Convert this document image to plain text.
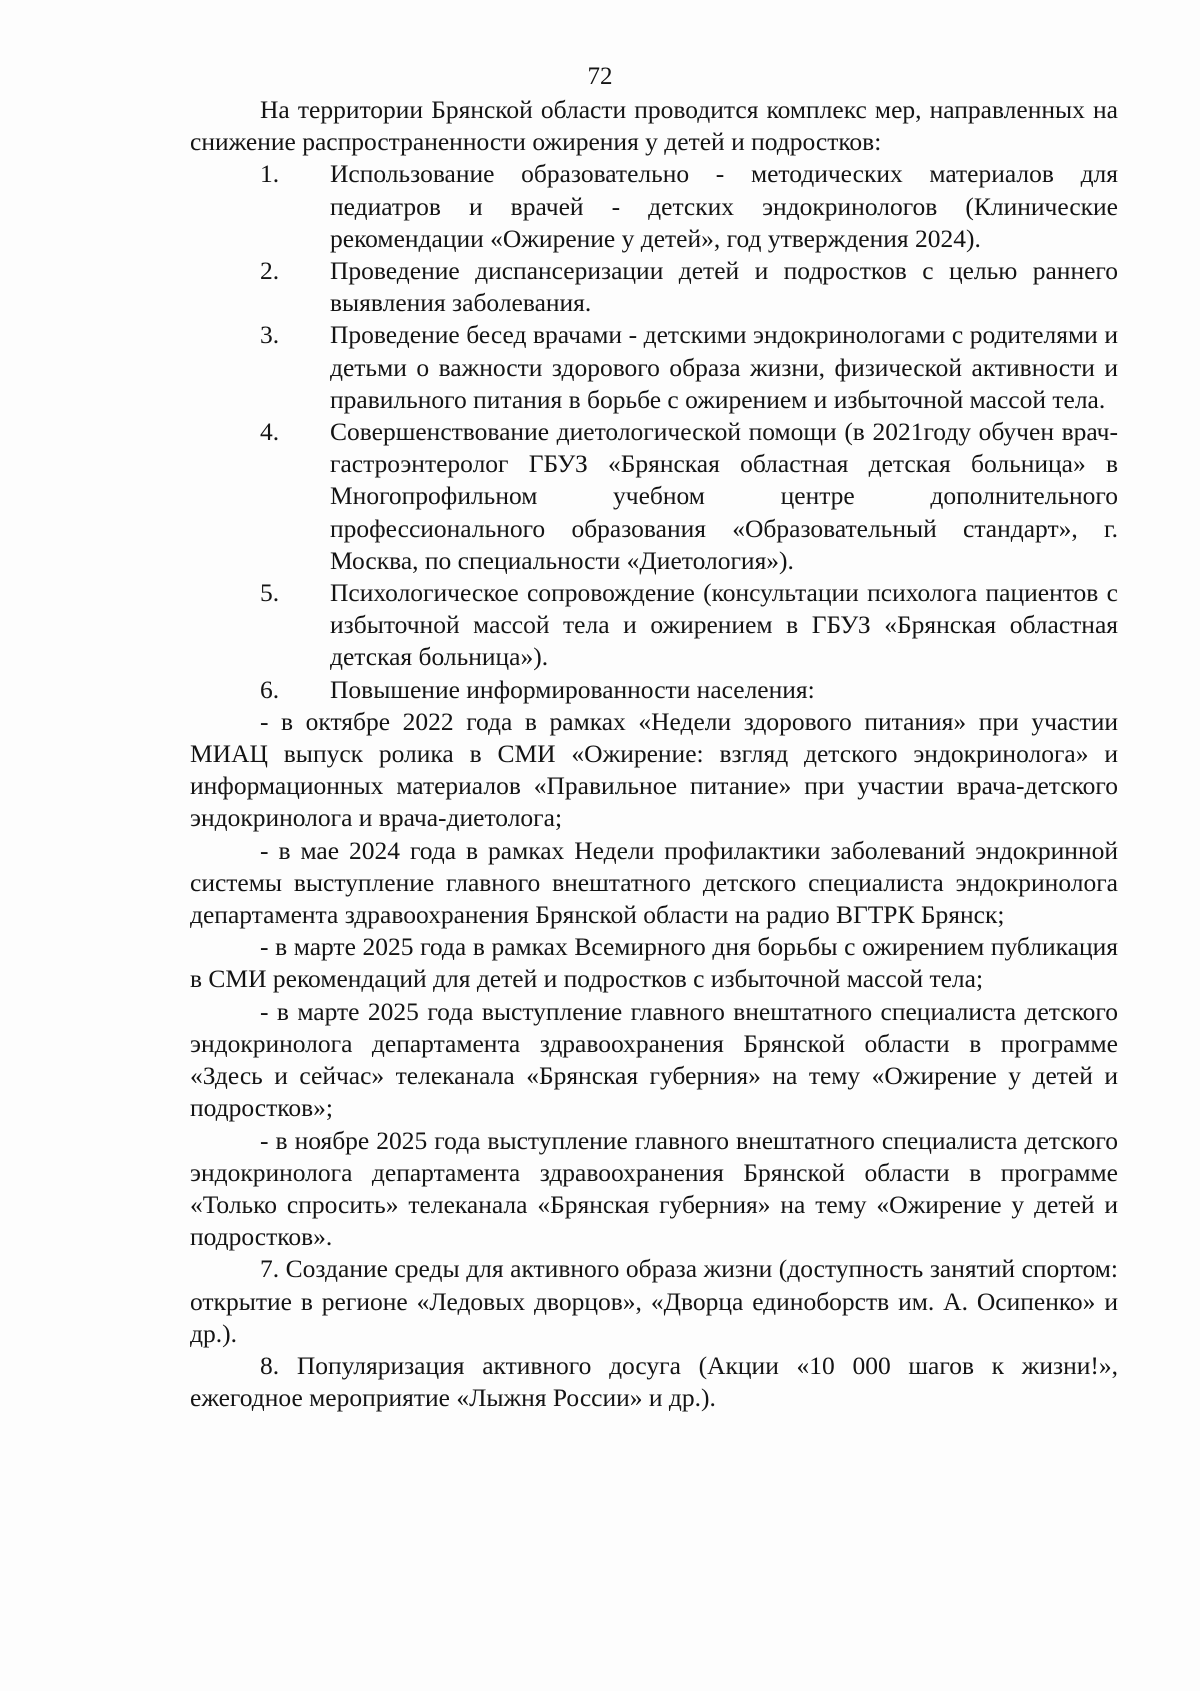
72

На территории Брянской области проводится комплекс мер, направленных на снижение распространенности ожирения у детей и подростков:

1.	Использование образовательно - методических материалов для педиатров и врачей - детских эндокринологов (Клинические рекомендации «Ожирение у детей», год утверждения 2024).
2.	Проведение диспансеризации детей и подростков с целью раннего выявления заболевания.
3.	Проведение бесед врачами - детскими эндокринологами с родителями и детьми о важности здорового образа жизни, физической активности и правильного питания в борьбе с ожирением и избыточной массой тела.
4.	Совершенствование диетологической помощи (в 2021году обучен врач-гастроэнтеролог ГБУЗ «Брянская областная детская больница» в Многопрофильном учебном центре дополнительного профессионального образования «Образовательный стандарт», г. Москва, по специальности «Диетология»).
5.	Психологическое сопровождение (консультации психолога пациентов с избыточной массой тела и ожирением в ГБУЗ «Брянская областная детская больница»).
6.	Повышение информированности населения:

- в октябре 2022 года в рамках «Недели здорового питания» при участии МИАЦ выпуск ролика в СМИ «Ожирение: взгляд детского эндокринолога» и информационных материалов «Правильное питание» при участии врача-детского эндокринолога и врача-диетолога;

- в мае 2024 года в рамках Недели профилактики заболеваний эндокринной системы выступление главного внештатного детского специалиста эндокринолога департамента здравоохранения Брянской области на радио ВГТРК Брянск;

- в марте 2025 года в рамках Всемирного дня борьбы с ожирением публикация в СМИ рекомендаций для детей и подростков с избыточной массой тела;

- в марте 2025 года выступление главного внештатного специалиста детского эндокринолога департамента здравоохранения Брянской области в программе «Здесь и сейчас» телеканала «Брянская губерния» на тему «Ожирение у детей и подростков»;

- в ноябре 2025 года выступление главного внештатного специалиста детского эндокринолога департамента здравоохранения Брянской области в программе «Только спросить» телеканала «Брянская губерния» на тему «Ожирение у детей и подростков».

7. Создание среды для активного образа жизни (доступность занятий спортом: открытие в регионе «Ледовых дворцов», «Дворца единоборств им. А. Осипенко» и др.).

8. Популяризация активного досуга (Акции «10 000 шагов к жизни!», ежегодное мероприятие «Лыжня России» и др.).
